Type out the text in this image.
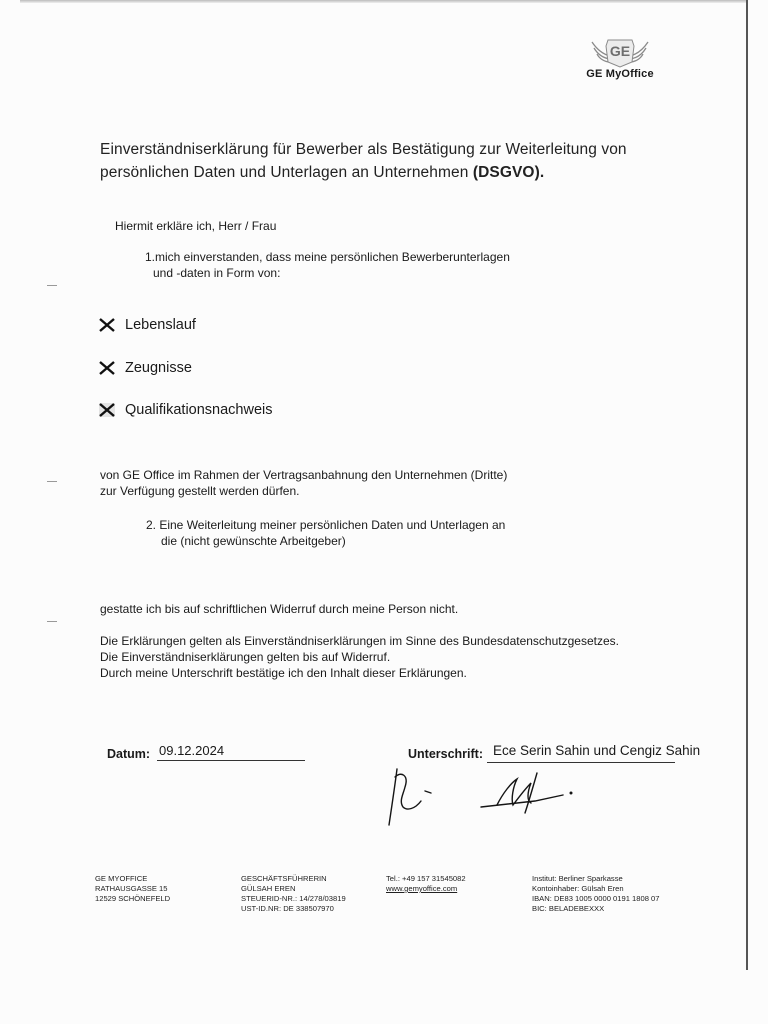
GE
GE MyOffice
Einverständniserklärung für Bewerber als Bestätigung zur Weiterleitung von
persönlichen Daten und Unterlagen an Unternehmen (DSGVO).
Hiermit erkläre ich, Herr / Frau
1.mich einverstanden, dass meine persönlichen Bewerberunterlagen
und -daten in Form von:
Lebenslauf
Zeugnisse
Qualifikationsnachweis
von GE Office im Rahmen der Vertragsanbahnung den Unternehmen (Dritte)
zur Verfügung gestellt werden dürfen.
2. Eine Weiterleitung meiner persönlichen Daten und Unterlagen an
die (nicht gewünschte Arbeitgeber)
gestatte ich bis auf schriftlichen Widerruf durch meine Person nicht.
Die Erklärungen gelten als Einverständniserklärungen im Sinne des Bundesdatenschutzgesetzes.
Die Einverständniserklärungen gelten bis auf Widerruf.
Durch meine Unterschrift bestätige ich den Inhalt dieser Erklärungen.
Datum: 09.12.2024	Unterschrift: Ece Serin Sahin und Cengiz Sahin
GE MYOFFICE
RATHAUSGASSE 15
12529 SCHÖNEFELD
GESCHÄFTSFÜHRERIN
GÜLSAH EREN
STEUERID-NR.: 14/278/03819
UST-ID.NR: DE 338507970
Tel.: +49 157 31545082
www.gemyoffice.com
Institut: Berliner Sparkasse
Kontoinhaber: Gülsah Eren
IBAN: DE83 1005 0000 0191 1808 07
BIC: BELADEBEXXX
